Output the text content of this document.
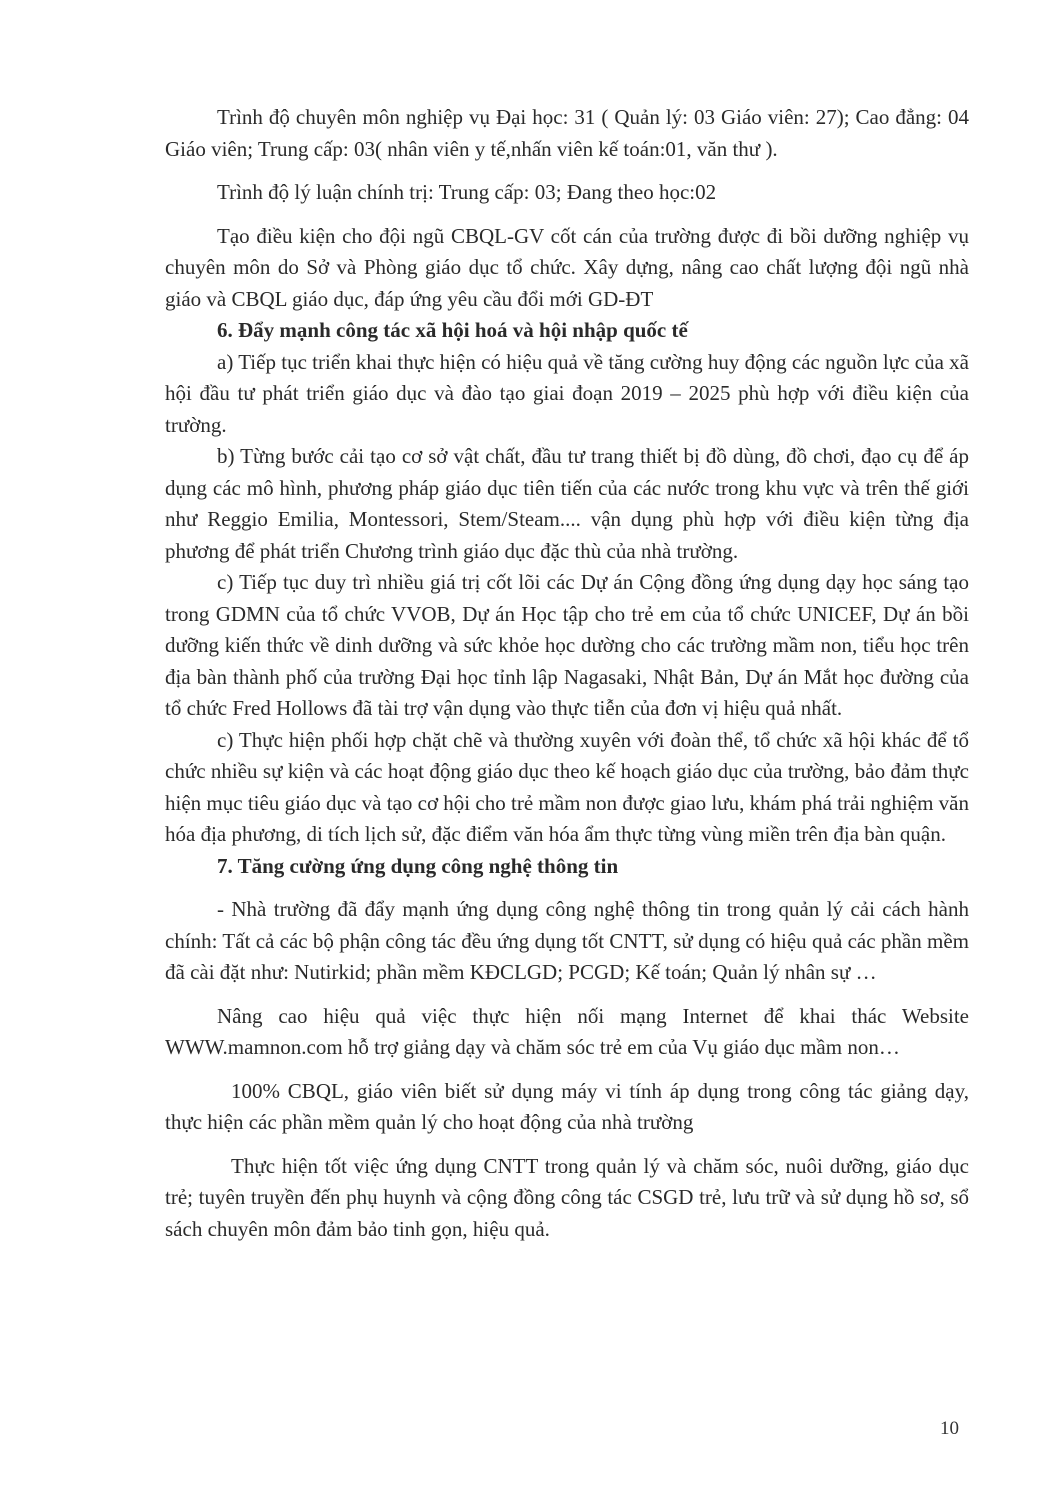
Trình độ chuyên môn nghiệp vụ Đại học: 31 ( Quản lý: 03 Giáo viên: 27); Cao đẳng: 04 Giáo viên; Trung cấp: 03( nhân viên y tế,nhấn viên kế toán:01, văn thư ).

Trình độ lý luận chính trị: Trung cấp: 03; Đang theo học:02

Tạo điều kiện cho đội ngũ CBQL-GV cốt cán của trường được đi bồi dưỡng nghiệp vụ chuyên môn do Sở và Phòng giáo dục tổ chức. Xây dựng, nâng cao chất lượng đội ngũ nhà giáo và CBQL giáo dục, đáp ứng yêu cầu đổi mới GD-ĐT

6. Đẩy mạnh công tác xã hội hoá và hội nhập quốc tế

a) Tiếp tục triển khai thực hiện có hiệu quả về tăng cường huy động các nguồn lực của xã hội đầu tư phát triển giáo dục và đào tạo giai đoạn 2019 – 2025 phù hợp với điều kiện của trường.

b) Từng bước cải tạo cơ sở vật chất, đầu tư trang thiết bị đồ dùng, đồ chơi, đạo cụ để áp dụng các mô hình, phương pháp giáo dục tiên tiến của các nước trong khu vực và trên thế giới như Reggio Emilia, Montessori, Stem/Steam.... vận dụng phù hợp với điều kiện từng địa phương để phát triển Chương trình giáo dục đặc thù của nhà trường.

c) Tiếp tục duy trì nhiều giá trị cốt lõi các Dự án Cộng đồng ứng dụng dạy học sáng tạo trong GDMN của tổ chức VVOB, Dự án Học tập cho trẻ em của tổ chức UNICEF, Dự án bồi dưỡng kiến thức về dinh dưỡng và sức khỏe học dường cho các trường mầm non, tiểu học trên địa bàn thành phố của trường Đại học tỉnh lập Nagasaki, Nhật Bản, Dự án Mắt học đường của tổ chức Fred Hollows đã tài trợ vận dụng vào thực tiễn của đơn vị hiệu quả nhất.

c) Thực hiện phối hợp chặt chẽ và thường xuyên với đoàn thể, tổ chức xã hội khác để tổ chức nhiều sự kiện và các hoạt động giáo dục theo kế hoạch giáo dục của trường, bảo đảm thực hiện mục tiêu giáo dục và tạo cơ hội cho trẻ mầm non được giao lưu, khám phá trải nghiệm văn hóa địa phương, di tích lịch sử, đặc điểm văn hóa ẩm thực từng vùng miền trên địa bàn quận.

7. Tăng cường ứng dụng công nghệ thông tin

- Nhà trường đã đẩy mạnh ứng dụng công nghệ thông tin trong quản lý cải cách hành chính: Tất cả các bộ phận công tác đều ứng dụng tốt CNTT, sử dụng có hiệu quả các phần mềm đã cài đặt như: Nutirkid; phần mềm KĐCLGD; PCGD; Kế toán; Quản lý nhân sự …

Nâng cao hiệu quả việc thực hiện nối mạng Internet để khai thác Website WWW.mamnon.com hỗ trợ giảng dạy và chăm sóc trẻ em của Vụ giáo dục mầm non…

100% CBQL, giáo viên biết sử dụng máy vi tính áp dụng trong công tác giảng dạy, thực hiện các phần mềm quản lý cho hoạt động của nhà trường

Thực hiện tốt việc ứng dụng CNTT trong quản lý và chăm sóc, nuôi dưỡng, giáo dục trẻ; tuyên truyền đến phụ huynh và cộng đồng công tác CSGD trẻ, lưu trữ và sử dụng hồ sơ, sổ sách chuyên môn đảm bảo tinh gọn, hiệu quả.

10
